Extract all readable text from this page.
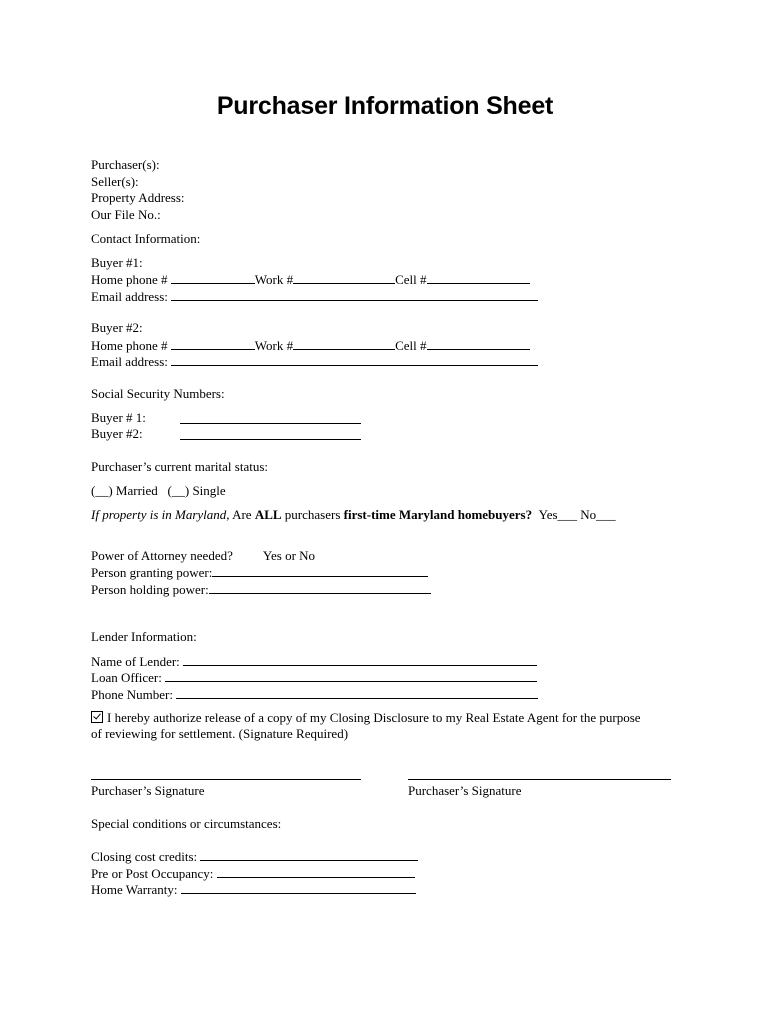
Purchaser Information Sheet
Purchaser(s):
Seller(s):
Property Address:
Our File No.:
Contact Information:
Buyer #1:
Home phone #	Work #	Cell #
Email address:
Buyer #2:
Home phone #	Work #	Cell #
Email address:
Social Security Numbers:
Buyer # 1:
Buyer #2:
Purchaser’s current marital status:
(__) Married (__) Single
If property is in Maryland, Are ALL purchasers first-time Maryland homebuyers? Yes___ No___
Power of Attorney needed? Yes or No
Person granting power:
Person holding power:
Lender Information:
Name of Lender:
Loan Officer:
Phone Number:
I hereby authorize release of a copy of my Closing Disclosure to my Real Estate Agent for the purpose
of reviewing for settlement. (Signature Required)
Purchaser’s Signature	Purchaser’s Signature
Special conditions or circumstances:
Closing cost credits:
Pre or Post Occupancy:
Home Warranty:
